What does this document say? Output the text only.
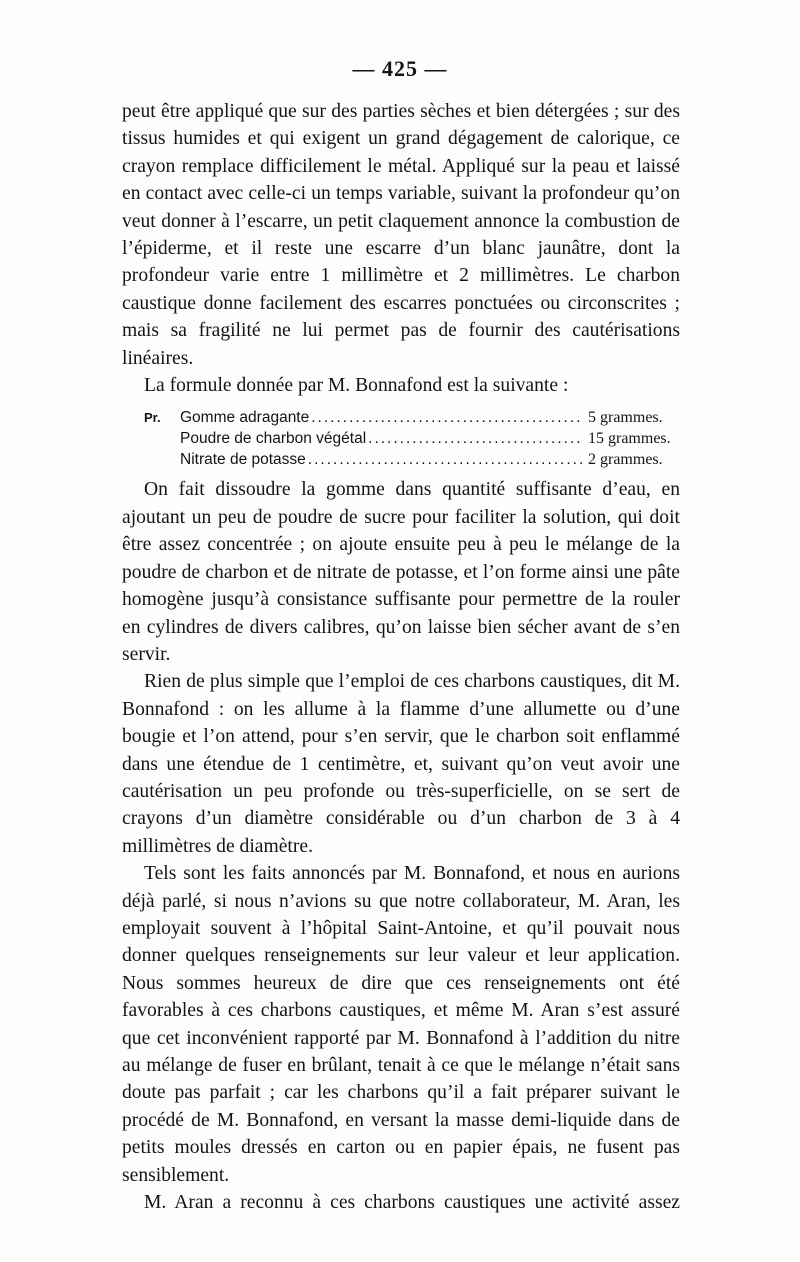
— 425 —

peut être appliqué que sur des parties sèches et bien détergées ; sur des tissus humides et qui exigent un grand dégagement de calorique, ce crayon remplace difficilement le métal. Appliqué sur la peau et laissé en contact avec celle-ci un temps variable, suivant la profondeur qu’on veut donner à l’escarre, un petit claquement annonce la combustion de l’épiderme, et il reste une escarre d’un blanc jaunâtre, dont la profondeur varie entre 1 millimètre et 2 millimètres. Le charbon caustique donne facilement des escarres ponctuées ou circonscrites ; mais sa fragilité ne lui permet pas de fournir des cautérisations linéaires.

La formule donnée par M. Bonnafond est la suivante :

Pr.	Gomme adragante .....	5 grammes.
Poudre de charbon végétal .....	15 grammes.
Nitrate de potasse .....	2 grammes.

On fait dissoudre la gomme dans quantité suffisante d’eau, en ajoutant un peu de poudre de sucre pour faciliter la solution, qui doit être assez concentrée ; on ajoute ensuite peu à peu le mélange de la poudre de charbon et de nitrate de potasse, et l’on forme ainsi une pâte homogène jusqu’à consistance suffisante pour permettre de la rouler en cylindres de divers calibres, qu’on laisse bien sécher avant de s’en servir.

Rien de plus simple que l’emploi de ces charbons caustiques, dit M. Bonnafond : on les allume à la flamme d’une allumette ou d’une bougie et l’on attend, pour s’en servir, que le charbon soit enflammé dans une étendue de 1 centimètre, et, suivant qu’on veut avoir une cautérisation un peu profonde ou très-superficielle, on se sert de crayons d’un diamètre considérable ou d’un charbon de 3 à 4 millimètres de diamètre.

Tels sont les faits annoncés par M. Bonnafond, et nous en aurions déjà parlé, si nous n’avions su que notre collaborateur, M. Aran, les employait souvent à l’hôpital Saint-Antoine, et qu’il pouvait nous donner quelques renseignements sur leur valeur et leur application. Nous sommes heureux de dire que ces renseignements ont été favorables à ces charbons caustiques, et même M. Aran s’est assuré que cet inconvénient rapporté par M. Bonnafond à l’addition du nitre au mélange de fuser en brûlant, tenait à ce que le mélange n’était sans doute pas parfait ; car les charbons qu’il a fait préparer suivant le procédé de M. Bonnafond, en versant la masse demi-liquide dans de petits moules dressés en carton ou en papier épais, ne fusent pas sensiblement.

M. Aran a reconnu à ces charbons caustiques une activité assez
